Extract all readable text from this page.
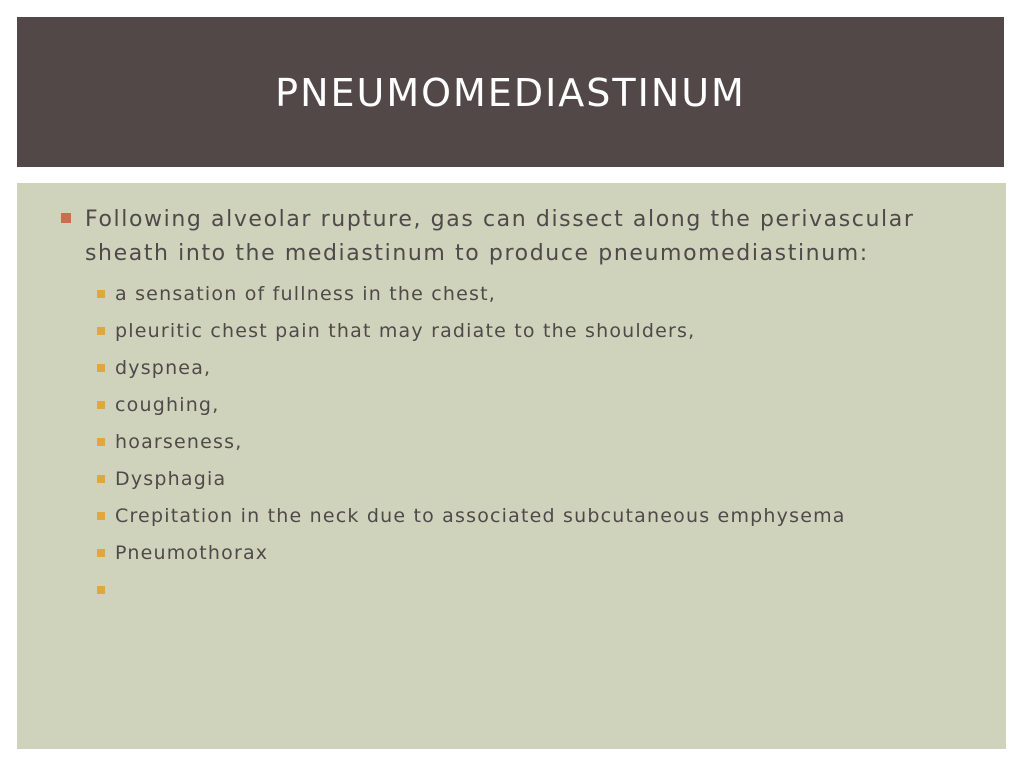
PNEUMOMEDIASTINUM
Following alveolar rupture, gas can dissect along the perivascular sheath into the mediastinum to produce pneumomediastinum:
a sensation of fullness in the chest,
pleuritic chest pain that may radiate to the shoulders,
dyspnea,
coughing,
hoarseness,
Dysphagia
Crepitation in the neck due to associated subcutaneous emphysema
Pneumothorax
